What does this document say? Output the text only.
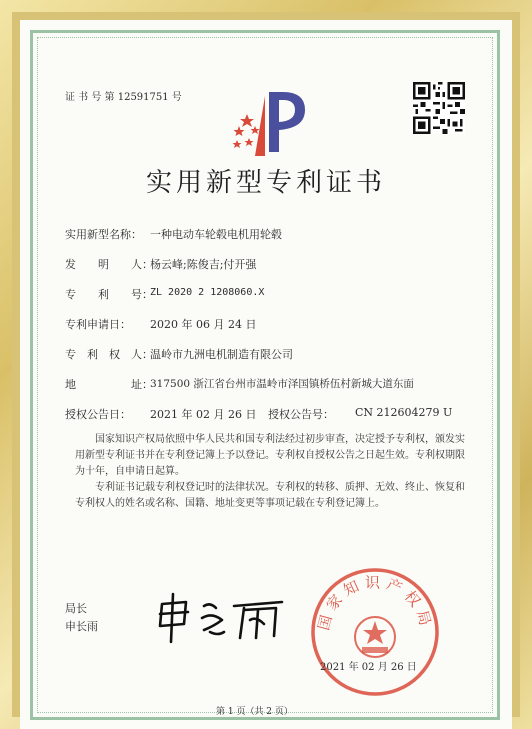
证 书 号 第 12591751 号
实用新型专利证书
实用新型名称： 一种电动车轮毂电机用轮毂
发　　明　　人：
杨云峰;陈俊吉;付开强
专　　利　　号：
ZL 2020 2 1208060.X
专利申请日： 2020 年 06 月 24 日
专　利　权　人：
温岭市九洲电机制造有限公司
地　　　　　址：
317500 浙江省台州市温岭市泽国镇桥伍村新城大道东面
授权公告日： 2021 年 02 月 26 日 授权公告号： CN 212604279 U
国家知识产权局依照中华人民共和国专利法经过初步审查，决定授予专利权，颁发实用新型专利证书并在专利登记簿上予以登记。专利权自授权公告之日起生效。专利权期限为十年，自申请日起算。
专利证书记载专利权登记时的法律状况。专利权的转移、质押、无效、终止、恢复和专利权人的姓名或名称、国籍、地址变更等事项记载在专利登记簿上。
局长
申长雨	国家知识产权局
2021 年 02 月 26 日
第 1 页（共 2 页）
